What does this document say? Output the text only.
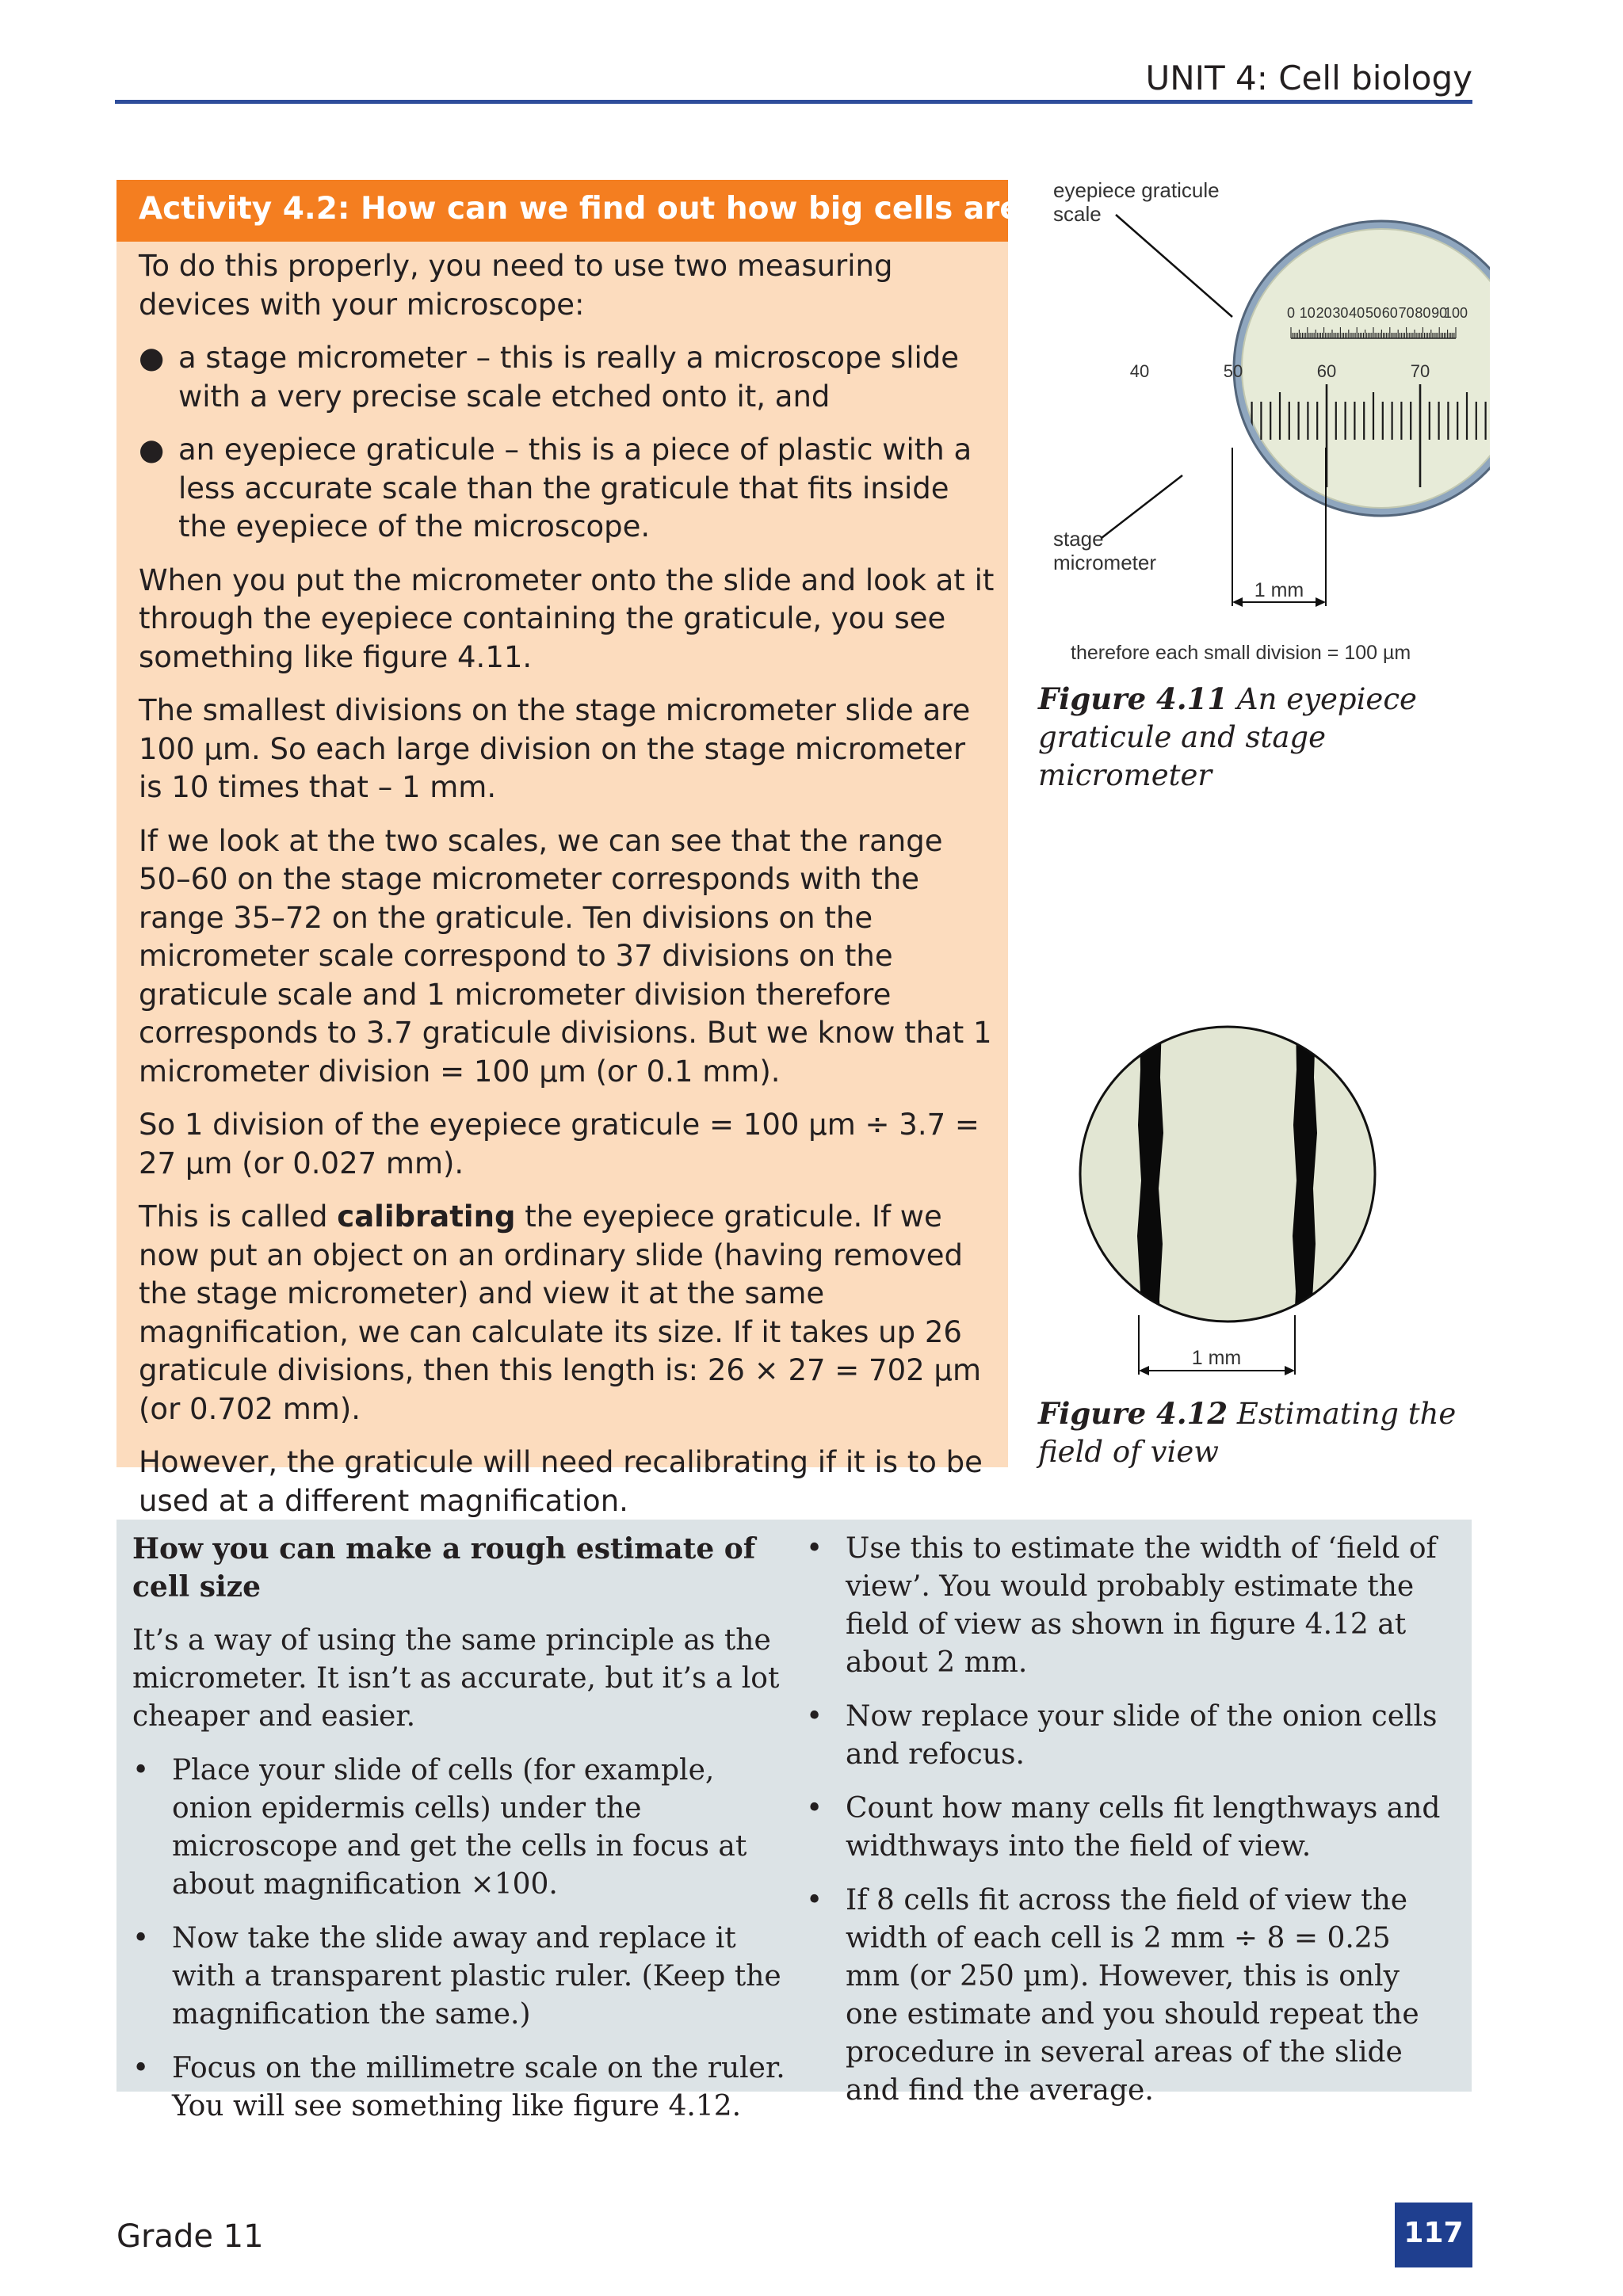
UNIT 4: Cell biology
Activity 4.2: How can we find out how big cells are?

To do this properly, you need to use two measuring devices with your microscope:

● a stage micrometer – this is really a microscope slide with a very precise scale etched onto it, and
● an eyepiece graticule – this is a piece of plastic with a less accurate scale than the graticule that fits inside the eyepiece of the microscope.

When you put the micrometer onto the slide and look at it through the eyepiece containing the graticule, you see something like figure 4.11.

The smallest divisions on the stage micrometer slide are 100 µm. So each large division on the stage micrometer is 10 times that – 1 mm.

If we look at the two scales, we can see that the range 50–60 on the stage micrometer corresponds with the range 35–72 on the graticule. Ten divisions on the micrometer scale correspond to 37 divisions on the graticule scale and 1 micrometer division therefore corresponds to 3.7 graticule divisions. But we know that 1 micrometer division = 100 µm (or 0.1 mm).

So 1 division of the eyepiece graticule = 100 µm ÷ 3.7 = 27 µm (or 0.027 mm).

This is called calibrating the eyepiece graticule. If we now put an object on an ordinary slide (having removed the stage micrometer) and view it at the same magnification, we can calculate its size. If it takes up 26 graticule divisions, then this length is: 26 × 27 = 702 µm (or 0.702 mm).

However, the graticule will need recalibrating if it is to be used at a different magnification.

0 10 20 30 40 50 60 70 80 90
100
40	50	60	70
eyepiece graticule
scale
stage
micrometer
1 mm
therefore each small division = 100 µm
Figure 4.11 An eyepiece graticule and stage micrometer
1 mm
Figure 4.12 Estimating the field of view

How you can make a rough estimate of cell size

It’s a way of using the same principle as the micrometer. It isn’t as accurate, but it’s a lot cheaper and easier.

• Place your slide of cells (for example, onion epidermis cells) under the microscope and get the cells in focus at about magnification ×100.
• Now take the slide away and replace it with a transparent plastic ruler. (Keep the magnification the same.)
• Focus on the millimetre scale on the ruler. You will see something like figure 4.12.
• Use this to estimate the width of ‘field of view’. You would probably estimate the field of view as shown in figure 4.12 at about 2 mm.
• Now replace your slide of the onion cells and refocus.
• Count how many cells fit lengthways and widthways into the field of view.
• If 8 cells fit across the field of view the width of each cell is 2 mm ÷ 8 = 0.25 mm (or 250 µm). However, this is only one estimate and you should repeat the procedure in several areas of the slide and find the average.
Grade 11	117
